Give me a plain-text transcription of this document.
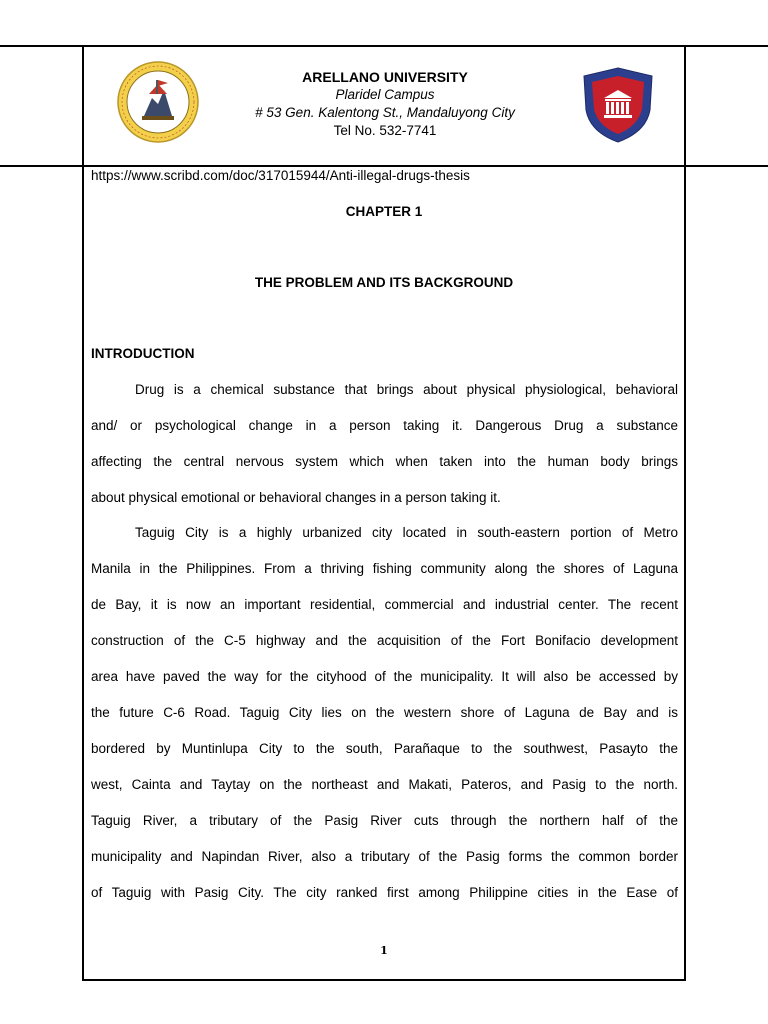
ARELLANO UNIVERSITY
Plaridel Campus
# 53 Gen. Kalentong St., Mandaluyong City
Tel No. 532-7741
https://www.scribd.com/doc/317015944/Anti-illegal-drugs-thesis
CHAPTER 1
THE PROBLEM AND ITS BACKGROUND
INTRODUCTION
Drug is a chemical substance that brings about physical physiological, behavioral
and/ or psychological change in a person taking it. Dangerous Drug a substance
affecting the central nervous system which when taken into the human body brings
about physical emotional or behavioral changes in a person taking it.
Taguig City is a highly urbanized city located in south-eastern portion of Metro
Manila in the Philippines. From a thriving fishing community along the shores of Laguna
de Bay, it is now an important residential, commercial and industrial center. The recent
construction of the C-5 highway and the acquisition of the Fort Bonifacio development
area have paved the way for the cityhood of the municipality. It will also be accessed by
the future C-6 Road. Taguig City lies on the western shore of Laguna de Bay and is
bordered by Muntinlupa City to the south, Parañaque to the southwest, Pasayto the
west, Cainta and Taytay on the northeast and Makati, Pateros, and Pasig to the north.
Taguig River, a tributary of the Pasig River cuts through the northern half of the
municipality and Napindan River, also a tributary of the Pasig forms the common border
of Taguig with Pasig City. The city ranked first among Philippine cities in the Ease of
1
